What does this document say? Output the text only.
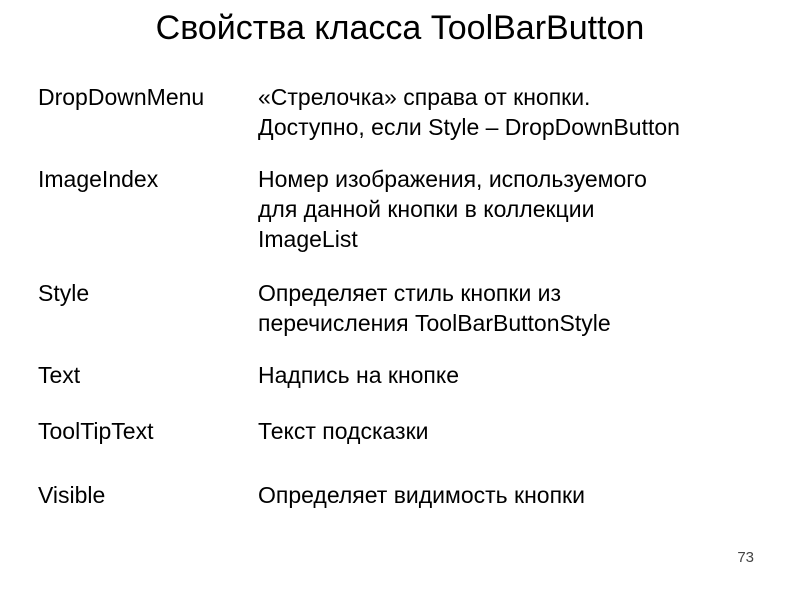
Свойства класса ToolBarButton
DropDownMenu	«Стрелочка» справа от кнопки.
Доступно, если Style – DropDownButton

ImageIndex	Номер изображения, используемого
для данной кнопки в коллекции
ImageList

Style	Определяет стиль кнопки из
перечисления ToolBarButtonStyle

Text	Надпись на кнопке

ToolTipText	Текст подсказки

Visible	Определяет видимость кнопки
73
